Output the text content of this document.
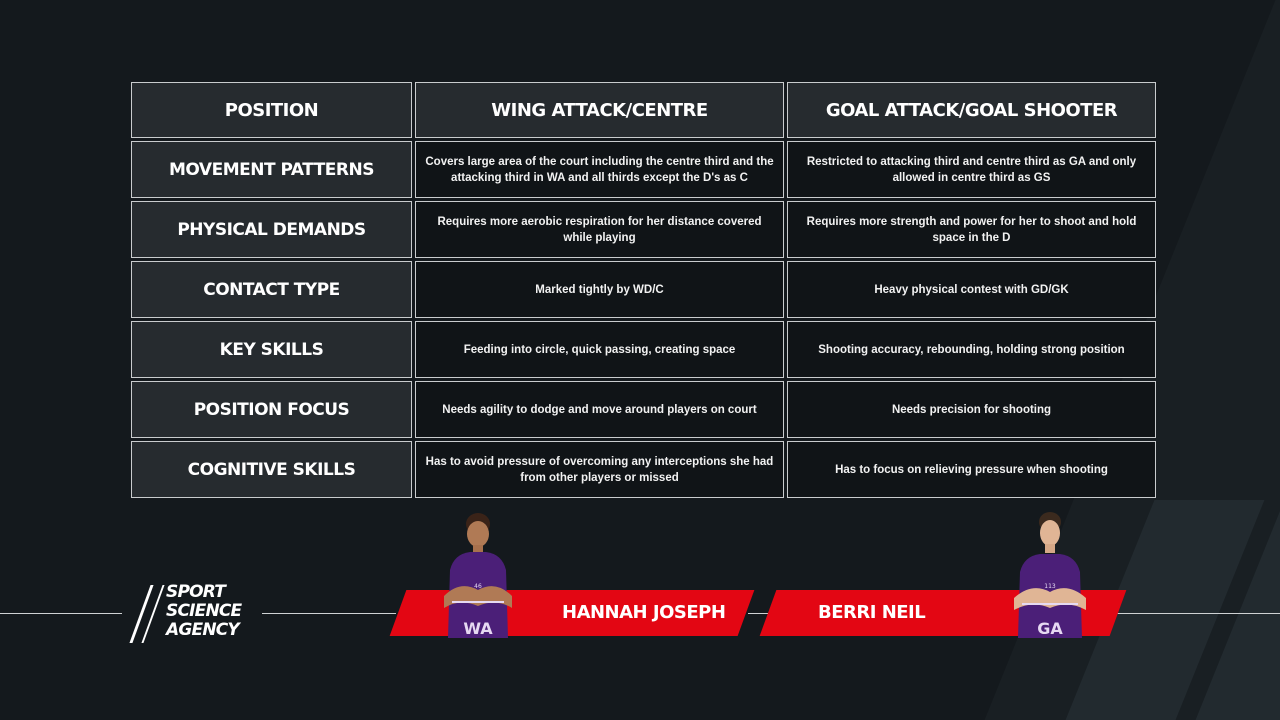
POSITION	WING ATTACK/CENTRE	GOAL ATTACK/GOAL SHOOTER
MOVEMENT PATTERNS	Covers large area of the court including the centre third and the attacking third in WA and all thirds except the D's as C	Restricted to attacking third and centre third as GA and only allowed in centre third as GS
PHYSICAL DEMANDS	Requires more aerobic respiration for her distance covered while playing	Requires more strength and power for her to shoot and hold space in the D
CONTACT TYPE	Marked tightly by WD/C	Heavy physical contest with GD/GK
KEY SKILLS	Feeding into circle, quick passing, creating space	Shooting accuracy, rebounding, holding strong position
POSITION FOCUS	Needs agility to dodge and move around players on court	Needs precision for shooting
COGNITIVE SKILLS	Has to avoid pressure of overcoming any interceptions she had from other players or missed	Has to focus on relieving pressure when shooting
SPORT
SCIENCE
AGENCY	WA
46
GA
113
HANNAH JOSEPH	BERRI NEIL
